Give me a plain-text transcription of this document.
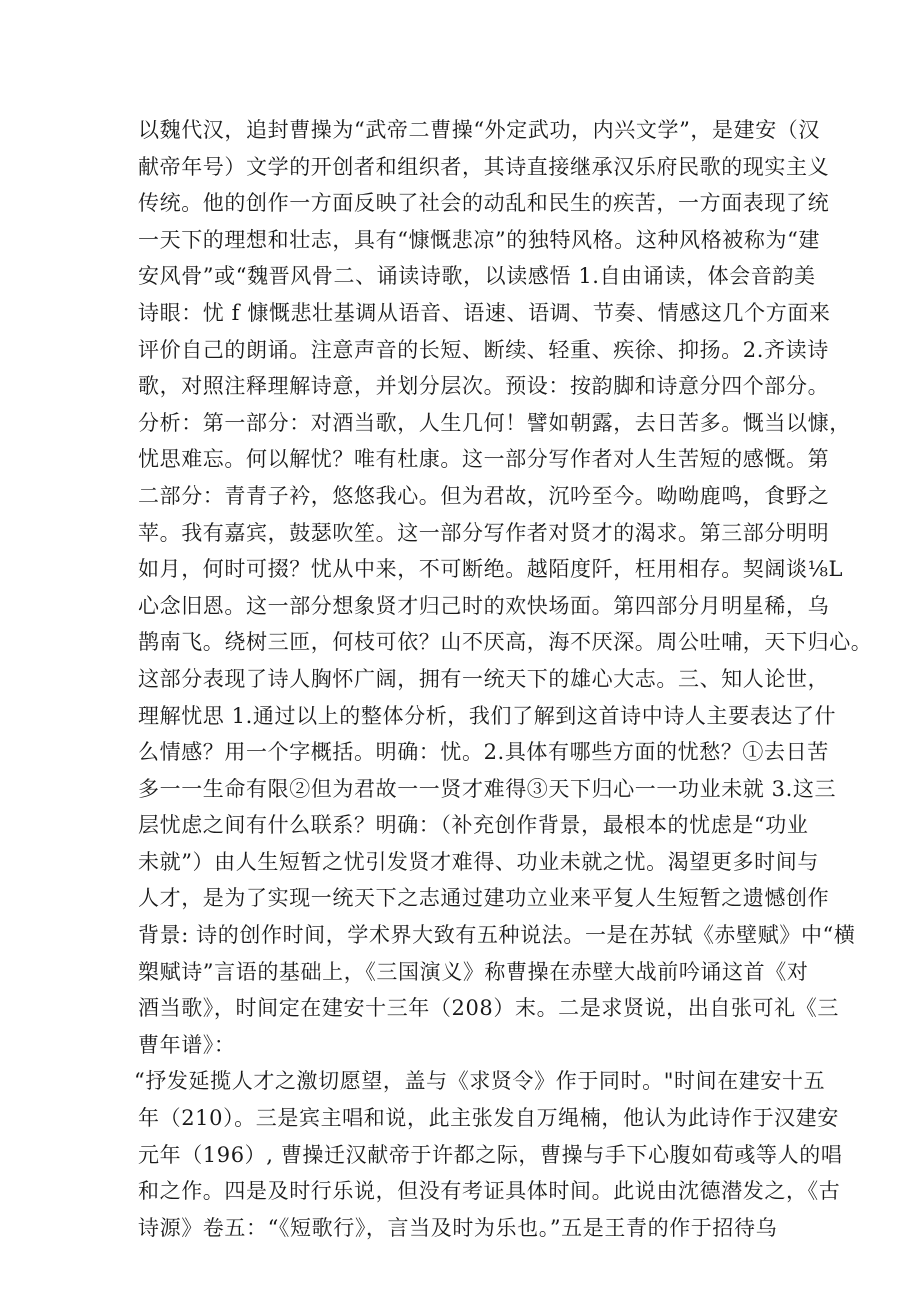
以魏代汉，追封曹操为“武帝二曹操“外定武功，内兴文学”，是建安（汉
献帝年号）文学的开创者和组织者，其诗直接继承汉乐府民歌的现实主义
传统。他的创作一方面反映了社会的动乱和民生的疾苦，一方面表现了统
一天下的理想和壮志，具有“慷慨悲凉”的独特风格。这种风格被称为“建
安风骨”或“魏晋风骨二、诵读诗歌，以读感悟 1.自由诵读，体会音韵美
诗眼：忧 f 慷慨悲壮基调从语音、语速、语调、节奏、情感这几个方面来
评价自己的朗诵。注意声音的长短、断续、轻重、疾徐、抑扬。2.齐读诗
歌，对照注释理解诗意，并划分层次。预设：按韵脚和诗意分四个部分。
分析：第一部分：对酒当歌，人生几何！譬如朝露，去日苦多。慨当以慷，
忧思难忘。何以解忧？唯有杜康。这一部分写作者对人生苦短的感慨。第
二部分：青青子衿，悠悠我心。但为君故，沉吟至今。呦呦鹿鸣，食野之
苹。我有嘉宾，鼓瑟吹笙。这一部分写作者对贤才的渴求。第三部分明明
如月，何时可掇？忧从中来，不可断绝。越陌度阡，枉用相存。契阔谈⅛L
心念旧恩。这一部分想象贤才归己时的欢快场面。第四部分月明星稀，乌
鹊南飞。绕树三匝，何枝可依？山不厌高，海不厌深。周公吐哺，天下归心。
这部分表现了诗人胸怀广阔，拥有一统天下的雄心大志。三、知人论世，
理解忧思 1.通过以上的整体分析，我们了解到这首诗中诗人主要表达了什
么情感？用一个字概括。明确：忧。2.具体有哪些方面的忧愁？①去日苦
多一一生命有限②但为君故一一贤才难得③天下归心一一功业未就 3.这三
层忧虑之间有什么联系？明确：（补充创作背景，最根本的忧虑是“功业
未就”）由人生短暂之忧引发贤才难得、功业未就之忧。渴望更多时间与
人才，是为了实现一统天下之志通过建功立业来平复人生短暂之遗憾创作
背景: 诗的创作时间，学术界大致有五种说法。一是在苏轼《赤壁赋》中“横
槊赋诗”言语的基础上，《三国演义》称曹操在赤壁大战前吟诵这首《对
酒当歌》，时间定在建安十三年（208）末。二是求贤说，出自张可礼《三
曹年谱》：
“抒发延揽人才之激切愿望，盖与《求贤令》作于同时。"时间在建安十五
年（210）。三是宾主唱和说，此主张发自万绳楠，他认为此诗作于汉建安
元年（196）, 曹操迁汉献帝于许都之际，曹操与手下心腹如荀彧等人的唱
和之作。四是及时行乐说，但没有考证具体时间。此说由沈德潜发之，《古
诗源》卷五：“《短歌行》，言当及时为乐也。”五是王青的作于招待乌
